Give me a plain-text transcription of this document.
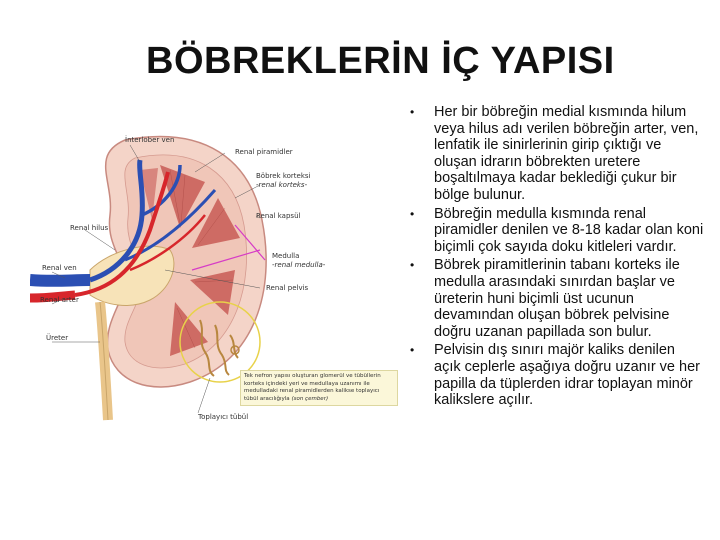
BÖBREKLERİN İÇ YAPISI
İnterlober ven
Renal piramidler
Böbrek korteksi
-renal korteks-
Renal kapsül
Renal hilus
Medulla
-renal medulla-
Renal ven
Renal pelvis
Renal arter
Üreter
Toplayıcı tübül
Tek nefron yapısı oluşturan glomerül ve tübüllerin korteks içindeki yeri ve medullaya uzanımı ile medulladaki renal piramidlerden kalikse toplayıcı tübül aracılığıyla (son çember)
• Her bir böbreğin medial kısmında hilum veya hilus adı verilen böbreğin arter, ven, lenfatik ile sinirlerinin girip çıktığı ve oluşan idrarın böbrekten uretere boşaltılmaya kadar beklediği çukur bir bölge bulunur.
• Böbreğin medulla kısmında renal piramidler denilen ve 8-18 kadar olan koni biçimli çok sayıda doku kitleleri vardır.
• Böbrek piramitlerinin tabanı korteks ile medulla arasındaki sınırdan başlar ve üreterin huni biçimli üst ucunun devamından oluşan böbrek pelvisine doğru uzanan papillada son bulur.
• Pelvisin dış sınırı majör kaliks denilen açık ceplerle aşağıya doğru uzanır ve her papilla da tüplerden idrar toplayan minör kalikslere açılır.
